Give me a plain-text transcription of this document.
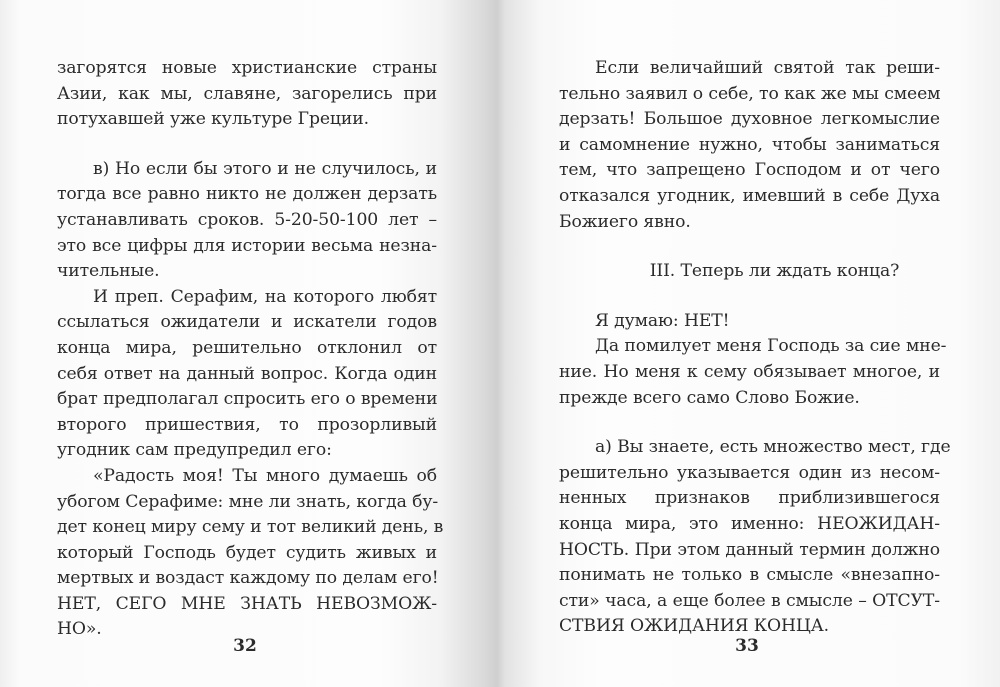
загорятся новые христианские страны
Азии, как мы, славяне, загорелись при
потухавшей уже культуре Греции.
в) Но если бы этого и не случилось, и
тогда все равно никто не должен дерзать
устанавливать сроков. 5-20-50-100 лет –
это все цифры для истории весьма незна-
чительные.
И преп. Серафим, на которого любят
ссылаться ожидатели и искатели годов
конца мира, решительно отклонил от
себя ответ на данный вопрос. Когда один
брат предполагал спросить его о времени
второго пришествия, то прозорливый
угодник сам предупредил его:
«Радость моя! Ты много думаешь об
убогом Серафиме: мне ли знать, когда бу-
дет конец миру сему и тот великий день, в
который Господь будет судить живых и
мертвых и воздаст каждому по делам его!
НЕТ, СЕГО МНЕ ЗНАТЬ НЕВОЗМОЖ-
НО».
32
Если величайший святой так реши-
тельно заявил о себе, то как же мы смеем
дерзать! Большое духовное легкомыслие
и самомнение нужно, чтобы заниматься
тем, что запрещено Господом и от чего
отказался угодник, имевший в себе Духа
Божиего явно.
III. Теперь ли ждать конца?
Я думаю: НЕТ!
Да помилует меня Господь за сие мне-
ние. Но меня к сему обязывает многое, и
прежде всего само Слово Божие.
а) Вы знаете, есть множество мест, где
решительно указывается один из несом-
ненных признаков приблизившегося
конца мира, это именно: НЕОЖИДАН-
НОСТЬ. При этом данный термин должно
понимать не только в смысле «внезапно-
сти» часа, а еще более в смысле – ОТСУТ-
СТВИЯ ОЖИДАНИЯ КОНЦА.
33
